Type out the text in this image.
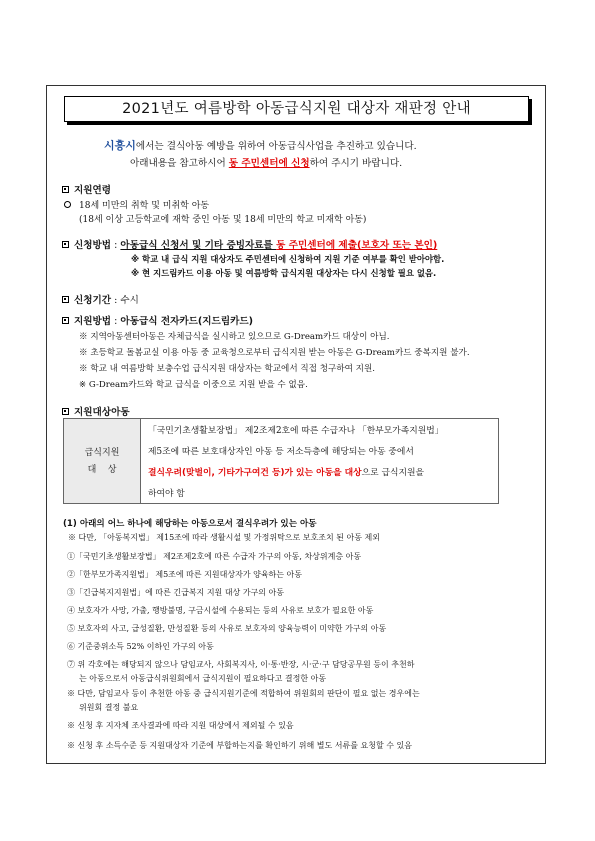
2021년도 여름방학 아동급식지원 대상자 재판정 안내
시흥시에서는 결식아동 예방을 위하여 아동급식사업을 추진하고 있습니다.
아래내용을 참고하시어 동 주민센터에 신청하여 주시기 바랍니다.
지원연령
18세 미만의 취학 및 미취학 아동
(18세 이상 고등학교에 재학 중인 아동 및 18세 미만의 학교 미재학 아동)
신청방법 : 아동급식 신청서 및 기타 증빙자료를 동 주민센터에 제출(보호자 또는 본인)
※ 학교 내 급식 지원 대상자도 주민센터에 신청하여 지원 기준 여부를 확인 받아야함.
※ 현 지드림카드 이용 아동 및 여름방학 급식지원 대상자는 다시 신청할 필요 없음.
신청기간 : 수시
지원방법 : 아동급식 전자카드(지드림카드)
※ 지역아동센터아동은 자체급식을 실시하고 있으므로 G-Dream카드 대상이 아님.
※ 초등학교 돌봄교실 이용 아동 중 교육청으로부터 급식지원 받는 아동은 G-Dream카드 중복지원 불가.
※ 학교 내 여름방학 보충수업 급식지원 대상자는 학교에서 직접 청구하여 지원.
※ G-Dream카드와 학교 급식을 이중으로 지원 받을 수 없음.
지원대상아동
급식지원
대    상
「국민기초생활보장법」 제2조제2호에 따른 수급자나 「한부모가족지원법」
제5조에 따른 보호대상자인 아동 등 저소득층에 해당되는 아동 중에서
결식우려(맞벌이, 기타가구여건 등)가 있는 아동을 대상으로 급식지원을
하여야 함
(1) 아래의 어느 하나에 해당하는 아동으로서 결식우려가 있는 아동
※ 다만, 「아동복지법」 제15조에 따라 생활시설 및 가정위탁으로 보호조치 된 아동 제외
①「국민기초생활보장법」 제2조제2호에 따른 수급자 가구의 아동, 차상위계층 아동
②「한부모가족지원법」 제5조에 따른 지원대상자가 양육하는 아동
③「긴급복지지원법」에 따른 긴급복지 지원 대상 가구의 아동
④ 보호자가 사망, 가출, 행방불명, 구금시설에 수용되는 등의 사유로 보호가 필요한 아동
⑤ 보호자의 사고, 급성질환, 만성질환 등의 사유로 보호자의 양육능력이 미약한 가구의 아동
⑥ 기준중위소득 52% 이하인 가구의 아동
⑦ 위 각호에는 해당되지 않으나 담임교사, 사회복지사, 이·통·반장, 시·군·구 담당공무원 등이 추천하
는 아동으로서 아동급식위원회에서 급식지원이 필요하다고 결정한 아동
※ 다만, 담임교사 등이 추천한 아동 중 급식지원기준에 적합하여 위원회의 판단이 필요 없는 경우에는
위원회 결정 불요
※ 신청 후 지자체 조사결과에 따라 지원 대상에서 제외될 수 있음
※ 신청 후 소득수준 등 지원대상자 기준에 부합하는지를 확인하기 위해 별도 서류를 요청할 수 있음
